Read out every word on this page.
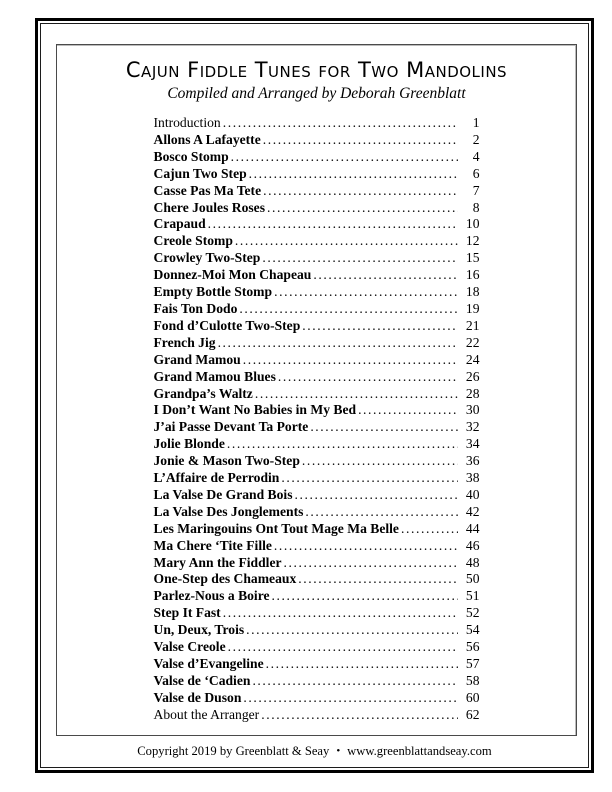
Cajun Fiddle Tunes for Two Mandolins
Compiled and Arranged by Deborah Greenblatt
Introduction .....	1
Allons A Lafayette .....	2
Bosco Stomp .....	4
Cajun Two Step .....	6
Casse Pas Ma Tete .....	7
Chere Joules Roses .....	8
Crapaud .....	10
Creole Stomp .....	12
Crowley Two-Step .....	15
Donnez-Moi Mon Chapeau .....	16
Empty Bottle Stomp .....	18
Fais Ton Dodo .....	19
Fond d’Culotte Two-Step .....	21
French Jig .....	22
Grand Mamou .....	24
Grand Mamou Blues .....	26
Grandpa’s Waltz .....	28
I Don’t Want No Babies in My Bed .....	30
J’ai Passe Devant Ta Porte .....	32
Jolie Blonde .....	34
Jonie & Mason Two-Step .....	36
L’Affaire de Perrodin .....	38
La Valse De Grand Bois .....	40
La Valse Des Jonglements .....	42
Les Maringouins Ont Tout Mage Ma Belle .....	44
Ma Chere ‘Tite Fille .....	46
Mary Ann the Fiddler .....	48
One-Step des Chameaux .....	50
Parlez-Nous a Boire .....	51
Step It Fast .....	52
Un, Deux, Trois .....	54
Valse Creole .....	56
Valse d’Evangeline .....	57
Valse de ‘Cadien .....	58
Valse de Duson .....	60
About the Arranger .....	62
Copyright 2019 by Greenblatt & Seay • www.greenblattandseay.com
